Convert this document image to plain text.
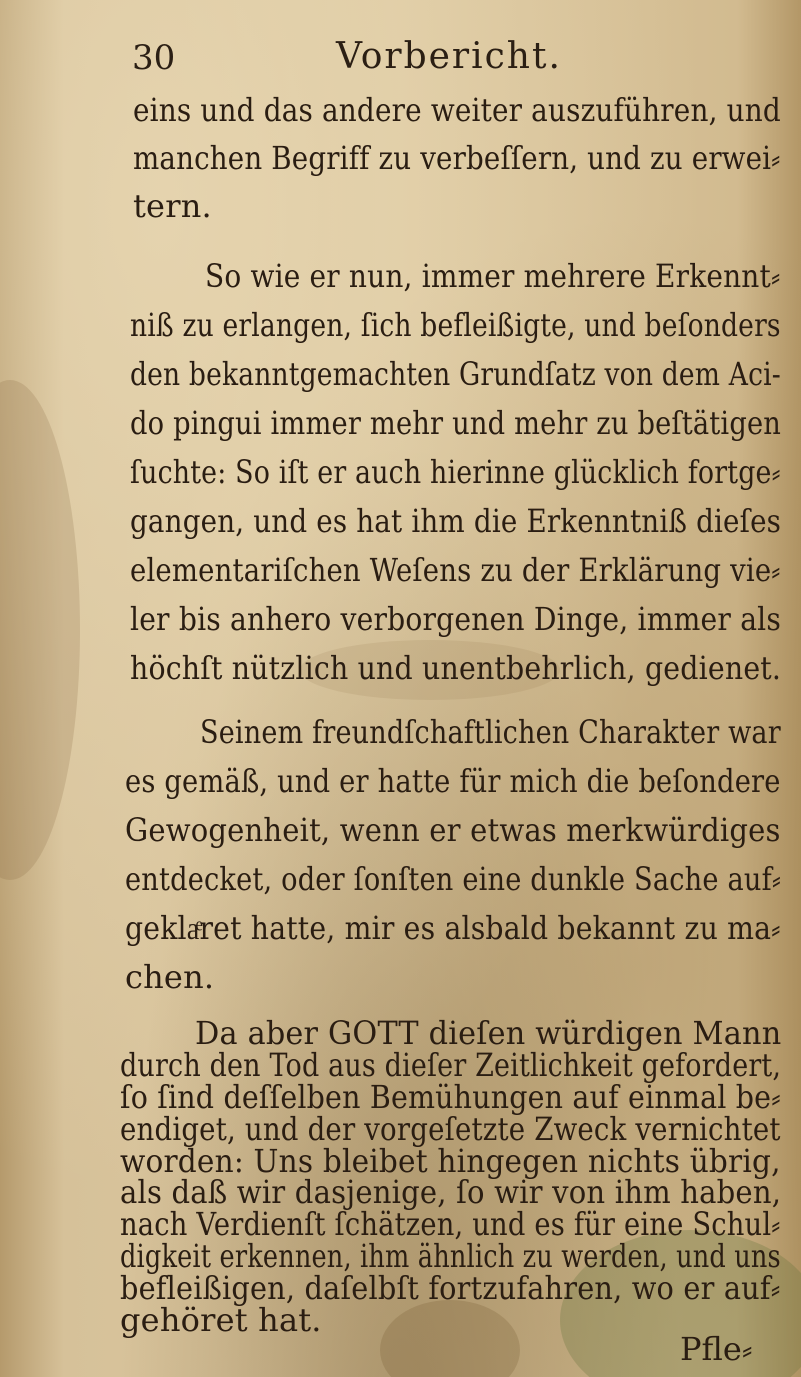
30	Vorbericht.
eins und das andere weiter auszuführen, und
manchen Begriff zu verbeſſern, und zu erwei⸗
tern.
So wie er nun, immer mehrere Erkennt⸗
niß zu erlangen, ſich befleißigte, und beſonders
den bekanntgemachten Grundſatz von dem Aci-
do pingui immer mehr und mehr zu beſtätigen
ſuchte: So iſt er auch hierinne glücklich fortge⸗
gangen, und es hat ihm die Erkenntniß dieſes
elementariſchen Weſens zu der Erklärung vie⸗
ler bis anhero verborgenen Dinge, immer als
höchſt nützlich und unentbehrlich, gedienet.
Seinem freundſchaftlichen Charakter war
es gemäß, und er hatte für mich die beſondere
Gewogenheit, wenn er etwas merkwürdiges
entdecket, oder ſonſten eine dunkle Sache auf⸗
geklaͤret hatte, mir es alsbald bekannt zu ma⸗
chen.
Da aber GOTT dieſen würdigen Mann
durch den Tod aus dieſer Zeitlichkeit gefordert,
ſo ſind deſſelben Bemühungen auf einmal be⸗
endiget, und der vorgeſetzte Zweck vernichtet
worden: Uns bleibet hingegen nichts übrig,
als daß wir dasjenige, ſo wir von ihm haben,
nach Verdienſt ſchätzen, und es für eine Schul⸗
digkeit erkennen, ihm ähnlich zu werden, und uns
befleißigen, daſelbſt fortzufahren, wo er auf⸗
gehöret hat.
Pfle⸗
